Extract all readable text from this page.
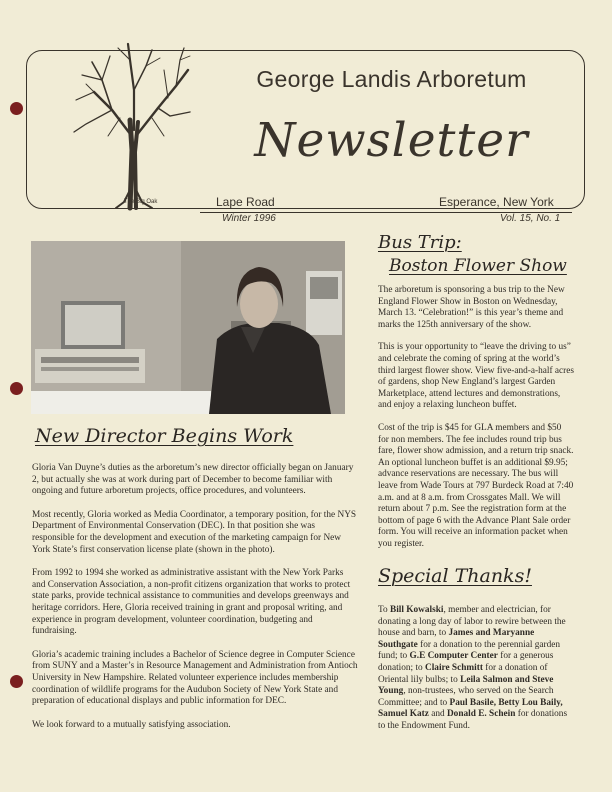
The Big Oak
George Landis Arboretum
Newsletter
Lape Road	Esperance, New York
Winter 1996	Vol. 15, No. 1
New Director Begins Work

Gloria Van Duyne’s duties as the arboretum’s new director officially began on January 2, but actually she was at work during part of December to become familiar with ongoing and future arboretum projects, office procedures, and volunteers.

Most recently, Gloria worked as Media Coordinator, a temporary position, for the NYS Department of Environmental Conservation (DEC). In that position she was responsible for the development and execution of the marketing campaign for New York State’s first conservation license plate (shown in the photo).

From 1992 to 1994 she worked as administrative assistant with the New York Parks and Conservation Association, a non-profit citizens organization that works to protect state parks, provide technical assistance to communities and develops greenways and heritage corridors. Here, Gloria received training in grant and proposal writing, and experience in program development, volunteer coordination, budgeting and fundraising.

Gloria’s academic training includes a Bachelor of Science degree in Computer Science from SUNY and a Master’s in Resource Management and Administration from Antioch University in New Hampshire. Related volunteer experience includes membership coordination of wildlife programs for the Audubon Society of New York State and preparation of educational displays and public information for DEC.

We look forward to a mutually satisfying association.

Bus Trip:
Boston Flower Show

The arboretum is sponsoring a bus trip to the New England Flower Show in Boston on Wednesday, March 13. “Celebration!” is this year’s theme and marks the 125th anniversary of the show.

This is your opportunity to “leave the driving to us” and celebrate the coming of spring at the world’s third largest flower show. View five-and-a-half acres of gardens, shop New England’s largest Garden Marketplace, attend lectures and demonstrations, and enjoy a relaxing luncheon buffet.

Cost of the trip is $45 for GLA members and $50 for non members. The fee includes round trip bus fare, flower show admission, and a return trip snack. An optional luncheon buffet is an additional $9.95; advance reservations are necessary. The bus will leave from Wade Tours at 797 Burdeck Road at 7:40 a.m. and at 8 a.m. from Crossgates Mall. We will return about 7 p.m. See the registration form at the bottom of page 6 with the Advance Plant Sale order form. You will receive an information packet when you register.

Special Thanks!

To Bill Kowalski, member and electrician, for donating a long day of labor to rewire between the house and barn, to James and Maryanne Southgate for a donation to the perennial garden fund; to G.E Computer Center for a generous donation; to Claire Schmitt for a donation of Oriental lily bulbs; to Leila Salmon and Steve Young, non-trustees, who served on the Search Committee; and to Paul Basile, Betty Lou Baily, Samuel Katz and Donald E. Schein for donations to the Endowment Fund.
